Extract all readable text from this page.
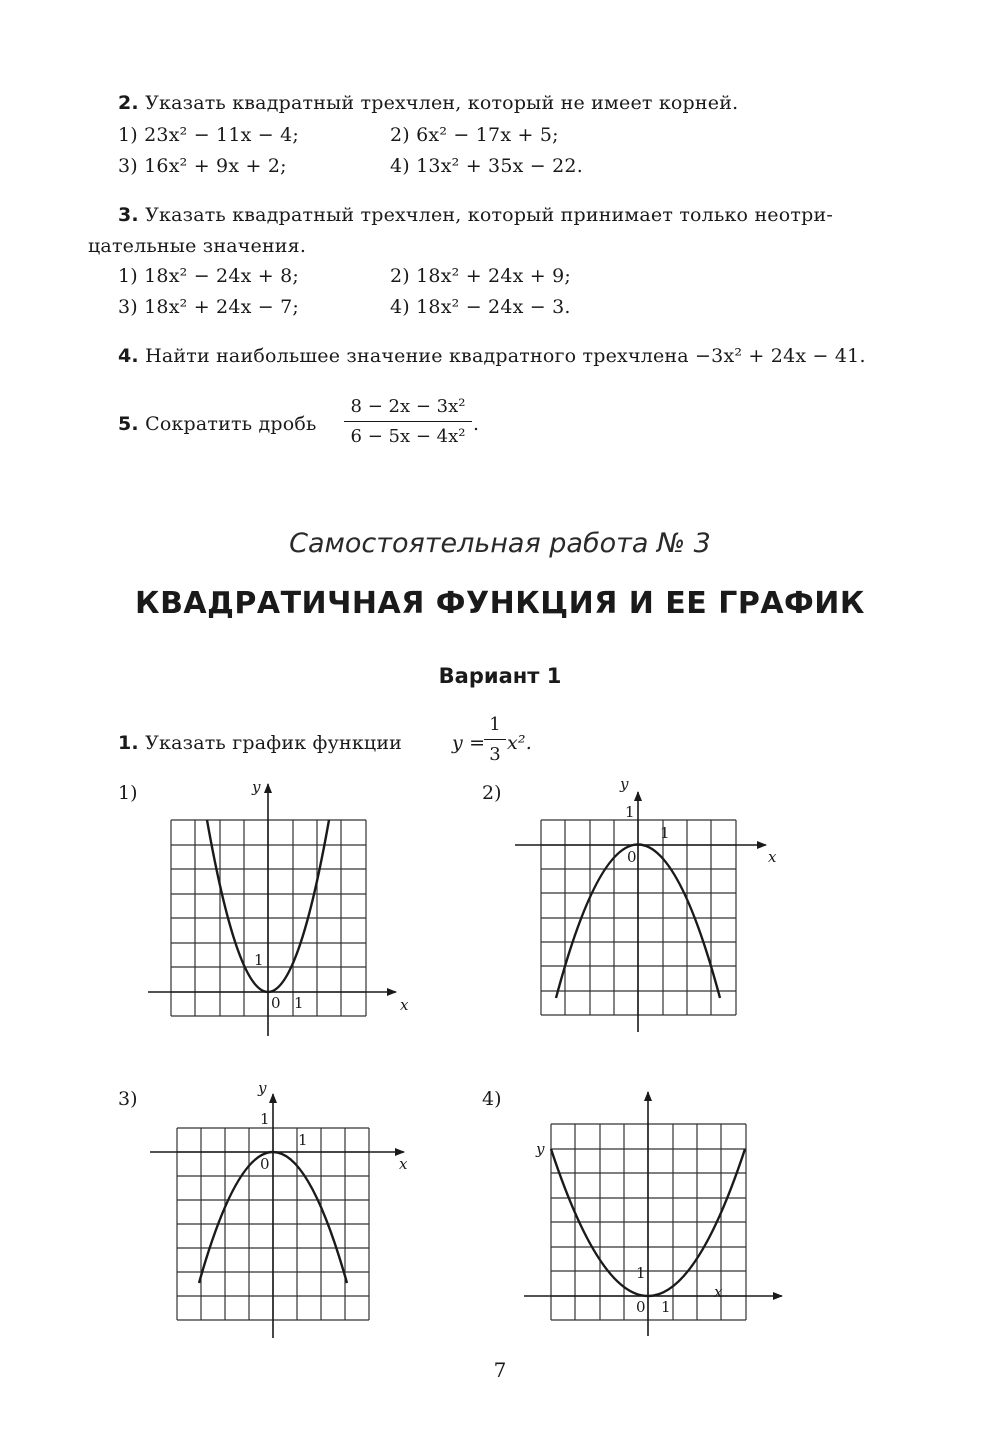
2. Указать квадратный трехчлен, который не имеет корней.
1) 23x² − 11x − 4;	2) 6x² − 17x + 5;
3) 16x² + 9x + 2;	4) 13x² + 35x − 22.
3. Указать квадратный трехчлен, который принимает только неотри-
цательные значения.
1) 18x² − 24x + 8;	2) 18x² + 24x + 9;
3) 18x² + 24x − 7;	4) 18x² − 24x − 3.
4. Найти наибольшее значение квадратного трехчлена −3x² + 24x − 41.
5. Сократить дробь
8 − 2x − 3x²
6 − 5x − 4x²
.
Самостоятельная работа № 3
КВАДРАТИЧНАЯ ФУНКЦИЯ И ЕЕ ГРАФИК
Вариант 1
1. Указать график функции	y =
1
3
x².
1)	2)
3)	4)
y
x
1
0 1
y
x
1
1
0
y
x
1
1
0
y
x
1
0 1
7
